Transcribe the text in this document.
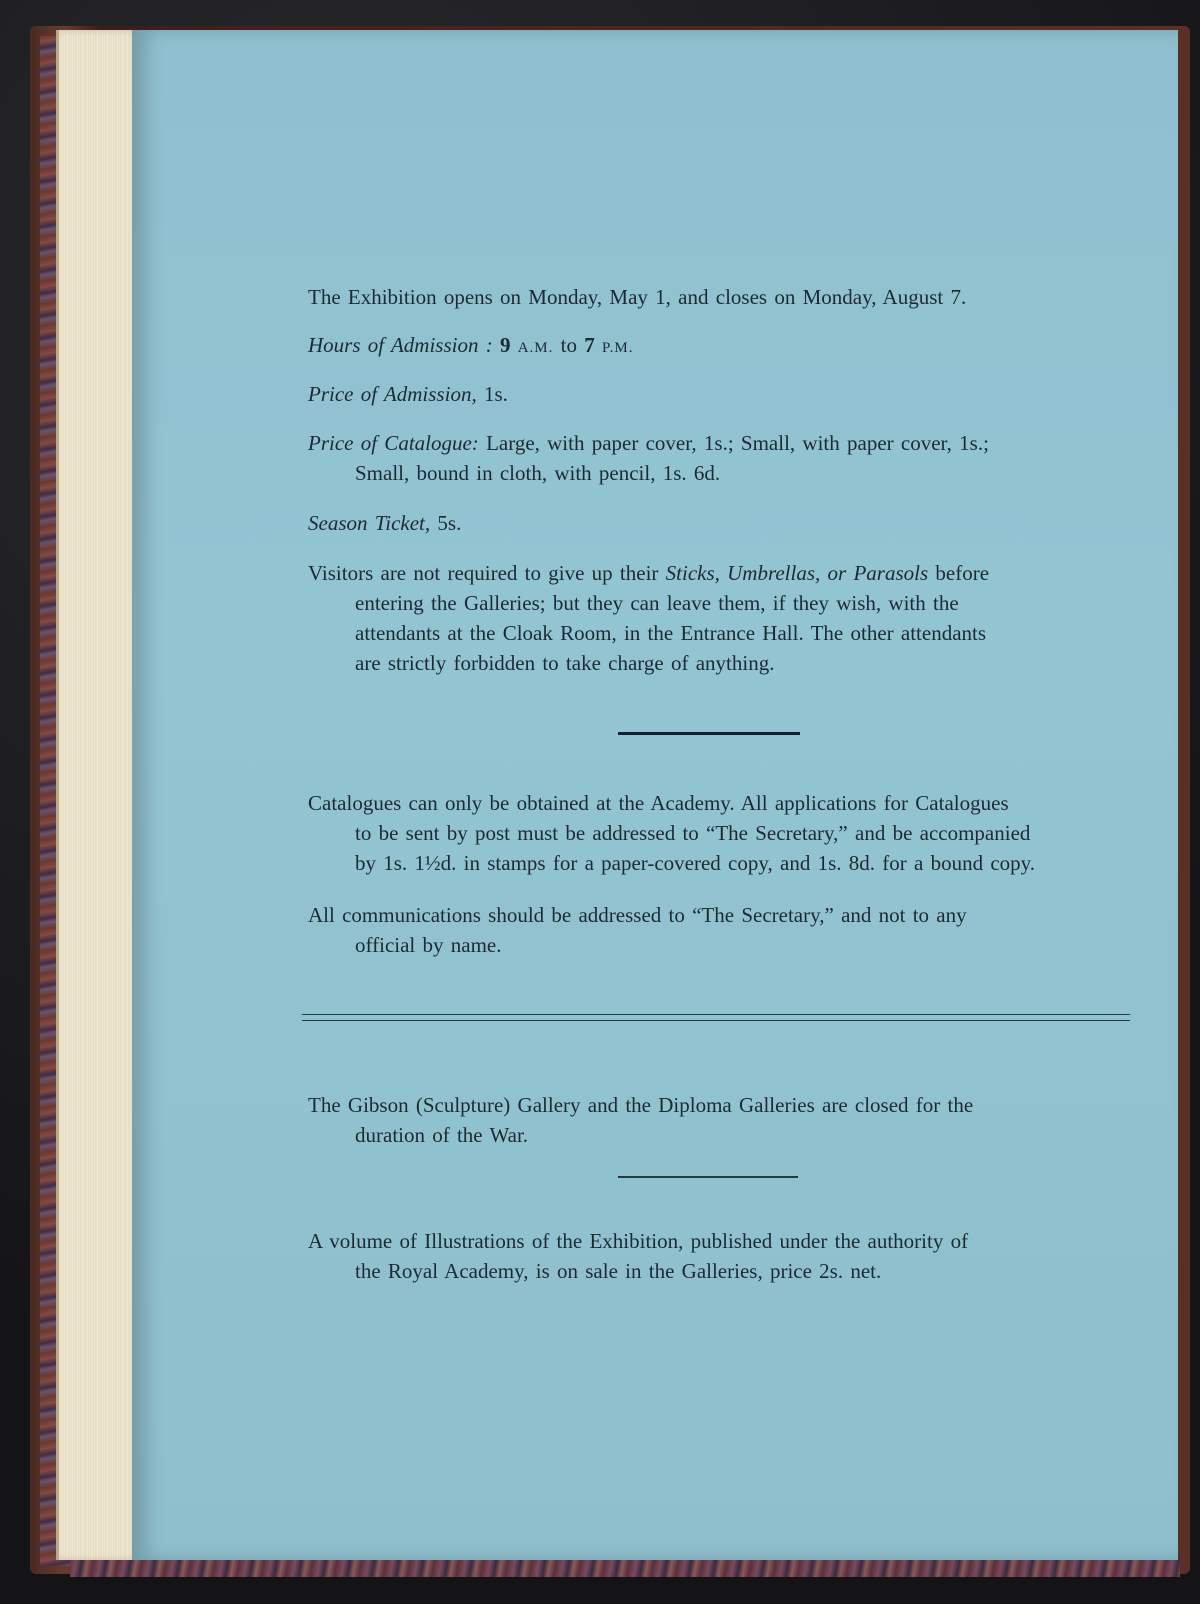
The Exhibition opens on Monday, May 1, and closes on Monday, August 7.
Hours of Admission : 9 A.M. to 7 P.M.
Price of Admission, 1s.
Price of Catalogue: Large, with paper cover, 1s.; Small, with paper cover, 1s.;
Small, bound in cloth, with pencil, 1s. 6d.
Season Ticket, 5s.
Visitors are not required to give up their Sticks, Umbrellas, or Parasols before
entering the Galleries; but they can leave them, if they wish, with the
attendants at the Cloak Room, in the Entrance Hall. The other attendants
are strictly forbidden to take charge of anything.
Catalogues can only be obtained at the Academy. All applications for Catalogues
to be sent by post must be addressed to “The Secretary,” and be accompanied
by 1s. 1½d. in stamps for a paper-covered copy, and 1s. 8d. for a bound copy.
All communications should be addressed to “The Secretary,” and not to any
official by name.
The Gibson (Sculpture) Gallery and the Diploma Galleries are closed for the
duration of the War.
A volume of Illustrations of the Exhibition, published under the authority of
the Royal Academy, is on sale in the Galleries, price 2s. net.
